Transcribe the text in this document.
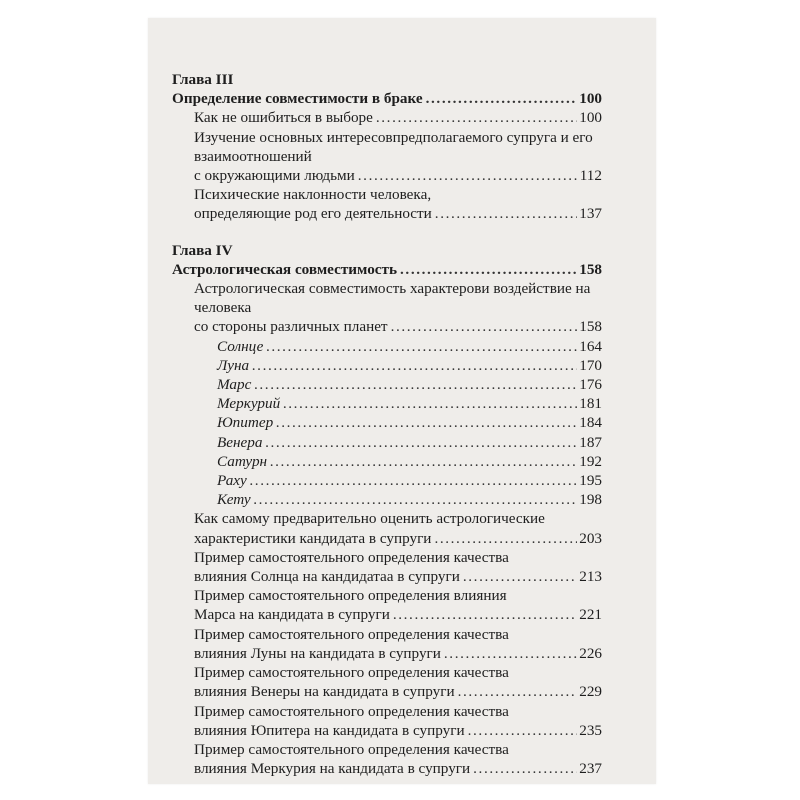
Глава III
Определение совместимости в браке .....	100
Как не ошибиться в выборе .....	100
Изучение основных интересовпредполагаемого супруга и его взаимоотношений
с окружающими людьми .....	112
Психические наклонности человека,
определяющие род его деятельности .....	137
Глава IV
Астрологическая совместимость .....	158
Астрологическая совместимость характерови воздействие на человека
со стороны различных планет .....	158
Солнце .....	164
Луна .....	170
Марс .....	176
Меркурий .....	181
Юпитер .....	184
Венера .....	187
Сатурн .....	192
Раху .....	195
Кету .....	198
Как самому предварительно оценить астрологические
характеристики кандидата в супруги .....	203
Пример самостоятельного определения качества
влияния Солнца на кандидатаа в супруги .....	213
Пример самостоятельного определения влияния
Марса на кандидата в супруги .....	221
Пример самостоятельного определения качества
влияния Луны на кандидата в супруги .....	226
Пример самостоятельного определения качества
влияния Венеры на кандидата в супруги .....	229
Пример самостоятельного определения качества
влияния Юпитера на кандидата в супруги .....	235
Пример самостоятельного определения качества
влияния Меркурия на кандидата в супруги .....	237
